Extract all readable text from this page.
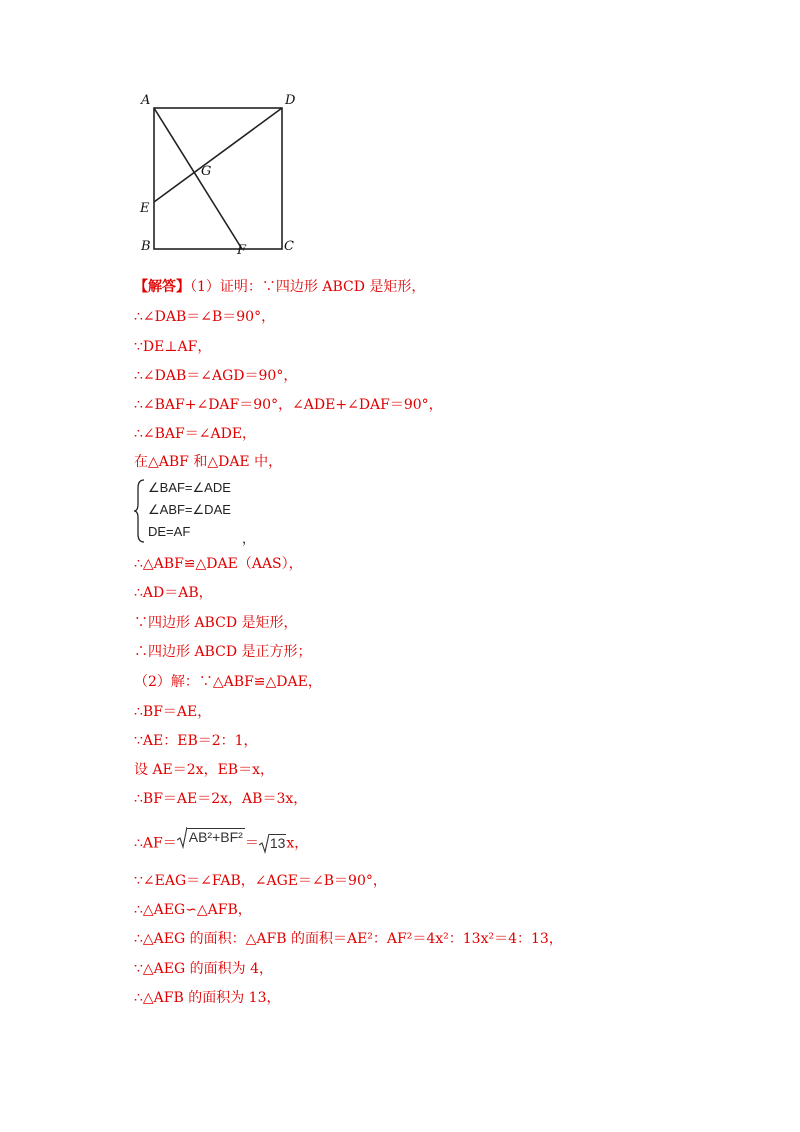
A	D
G
E
B	F	C
【解答】（1）证明：∵四边形 ABCD 是矩形，
∴∠DAB＝∠B＝90°，
∵DE⊥AF，
∴∠DAB＝∠AGD＝90°，
∴∠BAF+∠DAF＝90°，∠ADE+∠DAF＝90°，
∴∠BAF＝∠ADE，
在△ABF 和△DAE 中，
∠BAF=∠ADE
∠ABF=∠DAE
DE=AF	，
∴△ABF≌△DAE（AAS），
∴AD＝AB，
∵四边形 ABCD 是矩形，
∴四边形 ABCD 是正方形；
（2）解：∵△ABF≌△DAE，
∴BF＝AE，
∵AE：EB＝2：1，
设 AE＝2x，EB＝x，
∴BF＝AE＝2x，AB＝3x，
∴AF＝ AB²+BF² ＝ 13x，
∵∠EAG＝∠FAB，∠AGE＝∠B＝90°，
∴△AEG∽△AFB，
∴△AEG 的面积：△AFB 的面积＝AE²：AF²＝4x²：13x²＝4：13，
∵△AEG 的面积为 4，
∴△AFB 的面积为 13，
